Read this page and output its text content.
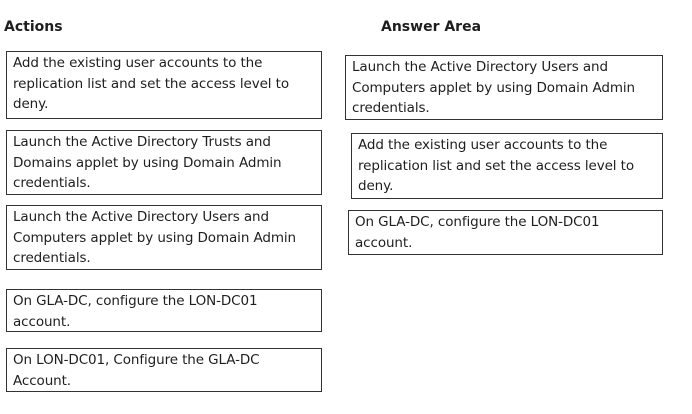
Actions	Answer Area
Add the existing user accounts to the replication list and set the access level to deny.
Launch the Active Directory Trusts and Domains applet by using Domain Admin credentials.
Launch the Active Directory Users and Computers applet by using Domain Admin credentials.
On GLA-DC, configure the LON-DC01 account.
On LON-DC01, Configure the GLA-DC Account.
Launch the Active Directory Users and Computers applet by using Domain Admin credentials.
Add the existing user accounts to the replication list and set the access level to deny.
On GLA-DC, configure the LON-DC01 account.
